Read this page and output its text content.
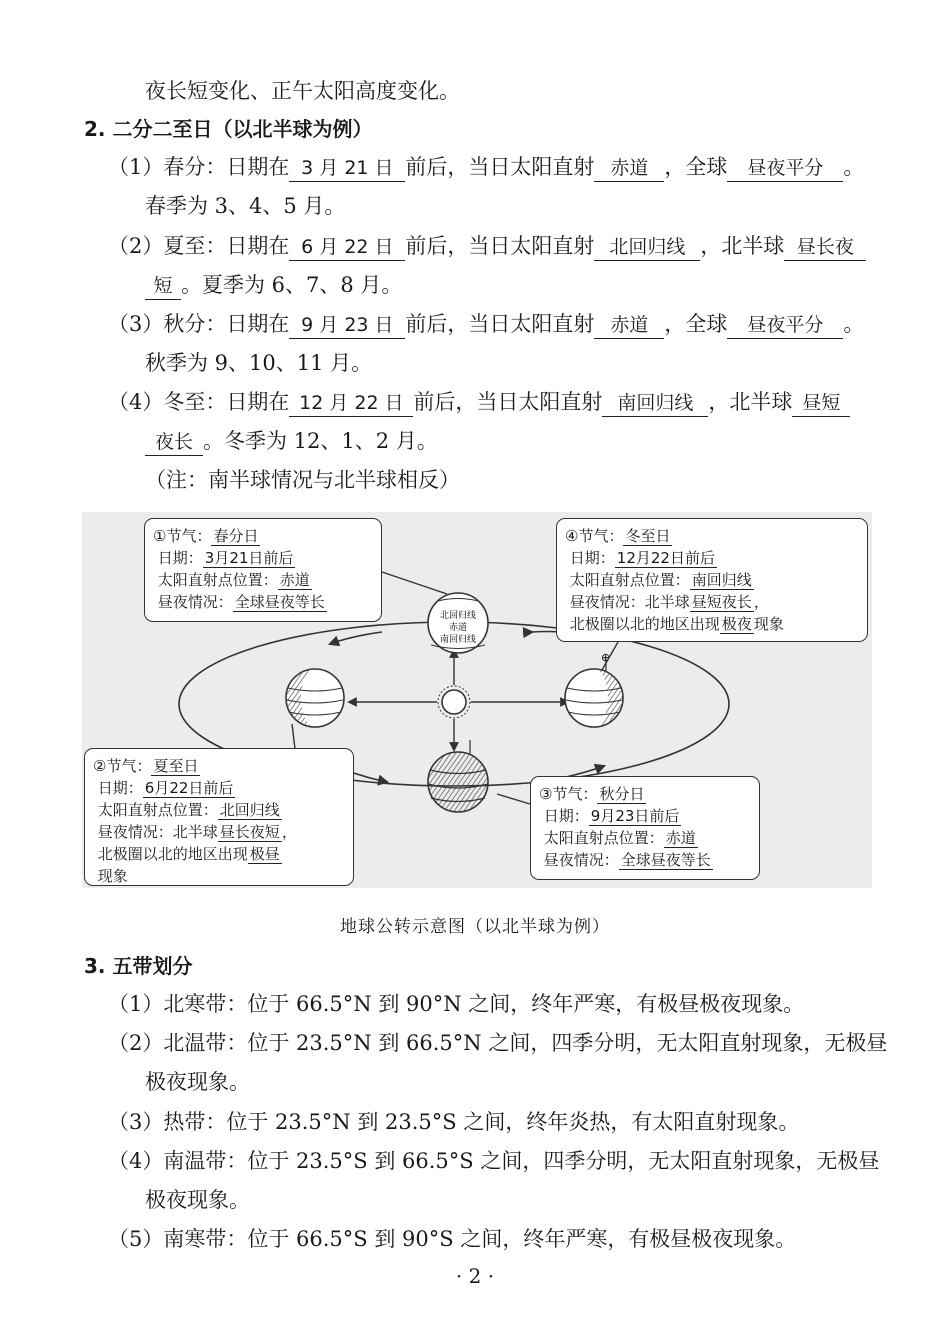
夜长短变化、正午太阳高度变化。
2. 二分二至日（以北半球为例）
（1）春分：日期在 3 月 21 日 前后，当日太阳直射 赤道 ，全球 昼夜平分 。
春季为 3、4、5 月。
（2）夏至：日期在 6 月 22 日 前后，当日太阳直射 北回归线 ，北半球 昼长夜
短 。夏季为 6、7、8 月。
（3）秋分：日期在 9 月 23 日 前后，当日太阳直射 赤道 ，全球 昼夜平分 。
秋季为 9、10、11 月。
（4）冬至：日期在 12 月 22 日 前后，当日太阳直射 南回归线 ，北半球 昼短
夜长 。冬季为 12、1、2 月。
（注：南半球情况与北半球相反）
⊕
北回归线
赤道
南回归线
①节气： 春分日
日期： 3月21日前后
太阳直射点位置： 赤道
昼夜情况： 全球昼夜等长
④节气： 冬至日
日期： 12月22日前后
太阳直射点位置： 南回归线
昼夜情况：北半球 昼短夜长 ，
北极圈以北的地区出现 极夜 现象
②节气： 夏至日
日期： 6月22日前后
太阳直射点位置： 北回归线
昼夜情况：北半球 昼长夜短 ，
北极圈以北的地区出现 极昼
现象
③节气： 秋分日
日期： 9月23日前后
太阳直射点位置： 赤道
昼夜情况： 全球昼夜等长
地球公转示意图（以北半球为例）
3. 五带划分
（1）北寒带：位于 66.5°N 到 90°N 之间，终年严寒，有极昼极夜现象。
（2）北温带：位于 23.5°N 到 66.5°N 之间，四季分明，无太阳直射现象，无极昼
极夜现象。
（3）热带：位于 23.5°N 到 23.5°S 之间，终年炎热，有太阳直射现象。
（4）南温带：位于 23.5°S 到 66.5°S 之间，四季分明，无太阳直射现象，无极昼
极夜现象。
（5）南寒带：位于 66.5°S 到 90°S 之间，终年严寒，有极昼极夜现象。
· 2 ·
